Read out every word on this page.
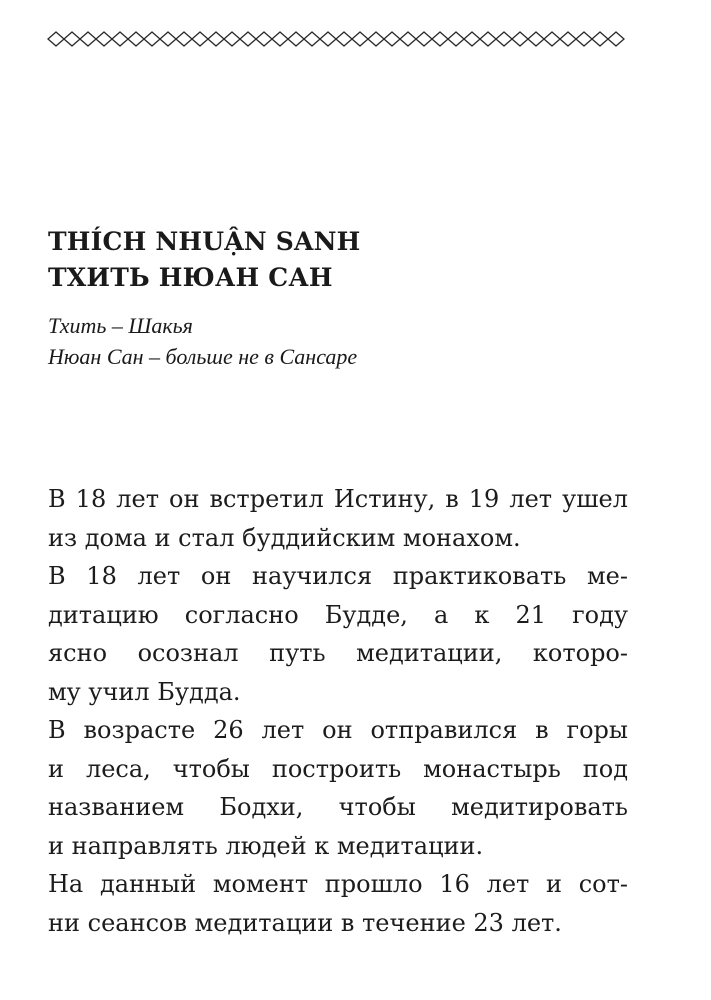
THÍCH NHUẬN SANH
ТХИТЬ НЮАН САН
Тхить – Шакья
Нюан Сан – больше не в Сансаре
В 18 лет он встретил Истину, в 19 лет ушел
из дома и стал буддийским монахом.
В 18 лет он научился практиковать ме-
дитацию согласно Будде, а к 21 году
ясно осознал путь медитации, которо-
му учил Будда.
В возрасте 26 лет он отправился в горы
и леса, чтобы построить монастырь под
названием Бодхи, чтобы медитировать
и направлять людей к медитации.
На данный момент прошло 16 лет и сот-
ни сеансов медитации в течение 23 лет.
